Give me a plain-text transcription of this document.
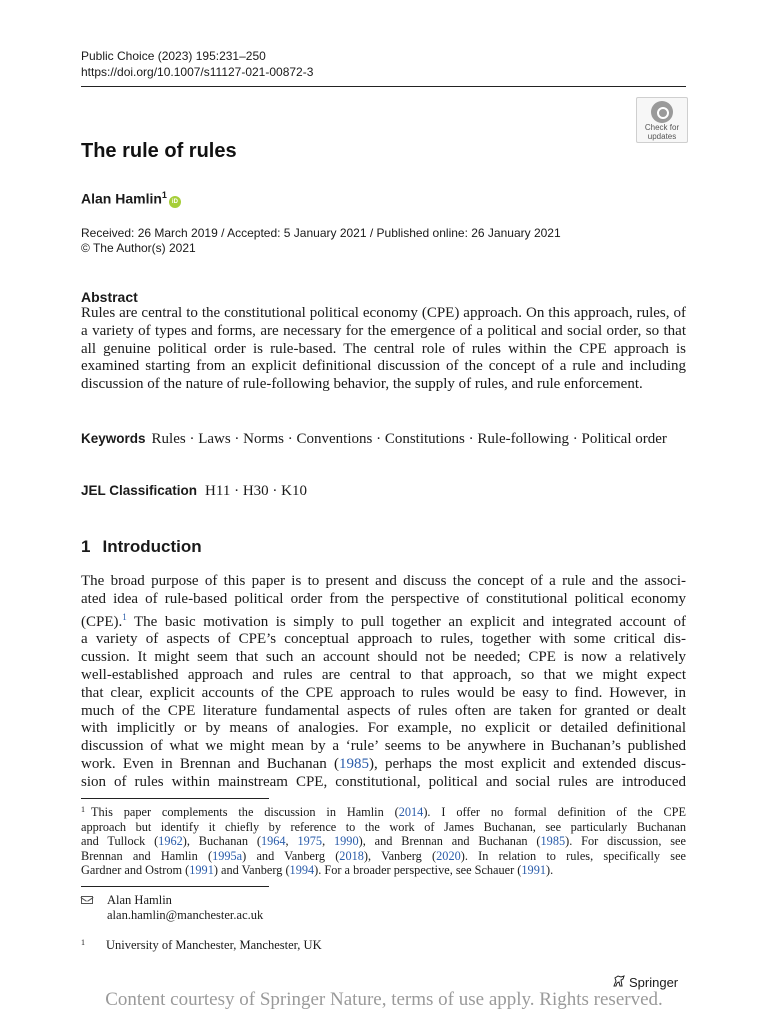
Public Choice (2023) 195:231–250
https://doi.org/10.1007/s11127-021-00872-3
Check for
updates
The rule of rules
Alan Hamlin$^1$iD
Received: 26 March 2019 / Accepted: 5 January 2021 / Published online: 26 January 2021
© The Author(s) 2021
Abstract
Rules are central to the constitutional political economy (CPE) approach. On this approach, rules, of a variety of types and forms, are necessary for the emergence of a political and social order, so that all genuine political order is rule-based. The central role of rules within the CPE approach is examined starting from an explicit definitional discussion of the concept of a rule and including discussion of the nature of rule-following behavior, the supply of rules, and rule enforcement.
Keywords Rules · Laws · Norms · Conventions · Constitutions · Rule-following · Political order
JEL Classification H11 · H30 · K10
1 Introduction
The broad purpose of this paper is to present and discuss the concept of a rule and the associ-
ated idea of rule-based political order from the perspective of constitutional political economy
(CPE).$^1$ The basic motivation is simply to pull together an explicit and integrated account of
a variety of aspects of CPE’s conceptual approach to rules, together with some critical dis-
cussion. It might seem that such an account should not be needed; CPE is now a relatively
well-established approach and rules are central to that approach, so that we might expect
that clear, explicit accounts of the CPE approach to rules would be easy to find. However, in
much of the CPE literature fundamental aspects of rules often are taken for granted or dealt
with implicitly or by means of analogies. For example, no explicit or detailed definitional
discussion of what we might mean by a ‘rule’ seems to be anywhere in Buchanan’s published
work. Even in Brennan and Buchanan (1985), perhaps the most explicit and extended discus-
sion of rules within mainstream CPE, constitutional, political and social rules are introduced
$^1$ This paper complements the discussion in Hamlin (2014). I offer no formal definition of the CPE
approach but identify it chiefly by reference to the work of James Buchanan, see particularly Buchanan
and Tullock (1962), Buchanan (1964, 1975, 1990), and Brennan and Buchanan (1985). For discussion, see
Brennan and Hamlin (1995a) and Vanberg (2018), Vanberg (2020). In relation to rules, specifically see
Gardner and Ostrom (1991) and Vanberg (1994). For a broader perspective, see Schauer (1991).
Alan Hamlin
alan.hamlin@manchester.ac.uk
1 University of Manchester, Manchester, UK
Springer
Content courtesy of Springer Nature, terms of use apply. Rights reserved.
